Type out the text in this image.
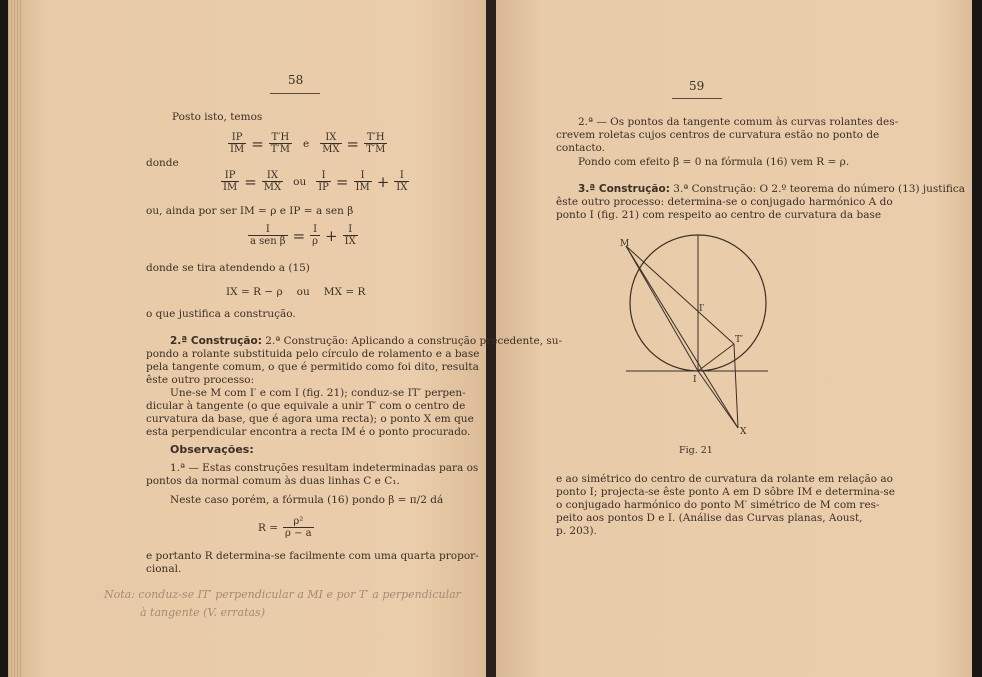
58
Posto isto, temos
$\frac{IP}{IM} = \frac{T'H}{T'M}$ e $\frac{IX}{MX} = \frac{T'H}{T'M}$
donde
$\frac{IP}{IM} = \frac{IX}{MX}$ ou $\frac{I}{IP} = \frac{I}{IM} + \frac{I}{IX}$
ou, ainda por ser IM = ρ e IP = a sen β
$\frac{I}{\text{a sen β}} = \frac{I}{\rho} + \frac{I}{IX}$
donde se tira atendendo a (15)
IX = R − ρ ou MX = R
o que justifica a construção.
2.ª Construção: 2.ª Construção: Aplicando a construção precedente, su-
pondo a rolante substituida pelo círculo de rolamento e a base
pela tangente comum, o que é permitido como foi dito, resulta
êste outro processo:
Une-se M com I′ e com I (fig. 21); conduz-se IT′ perpen-
dicular à tangente (o que equivale a unir T′ com o centro de
curvatura da base, que é agora uma recta); o ponto X em que
esta perpendicular encontra a recta IM é o ponto procurado.
Observações:
1.ª — Estas construções resultam indeterminadas para os
pontos da normal comum às duas linhas C e C₁.
Neste caso porém, a fórmula (16) pondo β = π/2 dá
$R = \frac{\text{ρ²}}{\rho - a}$
e portanto R determina-se facilmente com uma quarta propor-
cional.
Nota: conduz-se IT′ perpendicular a MI e por T′ a perpendicular
à tangente (V. erratas)
59
2.ª — Os pontos da tangente comum às curvas rolantes des-
crevem roletas cujos centros de curvatura estão no ponto de
contacto.
Pondo com efeito β = 0 na fórmula (16) vem R = ρ.
3.ª Construção: 3.ª Construção: O 2.º teorema do número (13) justifica
êste outro processo: determina-se o conjugado harmónico A do
ponto I (fig. 21) com respeito ao centro de curvatura da base
M
I′
T′
I
X
Fig. 21
e ao simétrico do centro de curvatura da rolante em relação ao
ponto I; projecta-se êste ponto A em D sôbre IM e determina-se
o conjugado harmónico do ponto M′ simétrico de M com res-
peito aos pontos D e I. (Análise das Curvas planas, Aoust,
p. 203).
